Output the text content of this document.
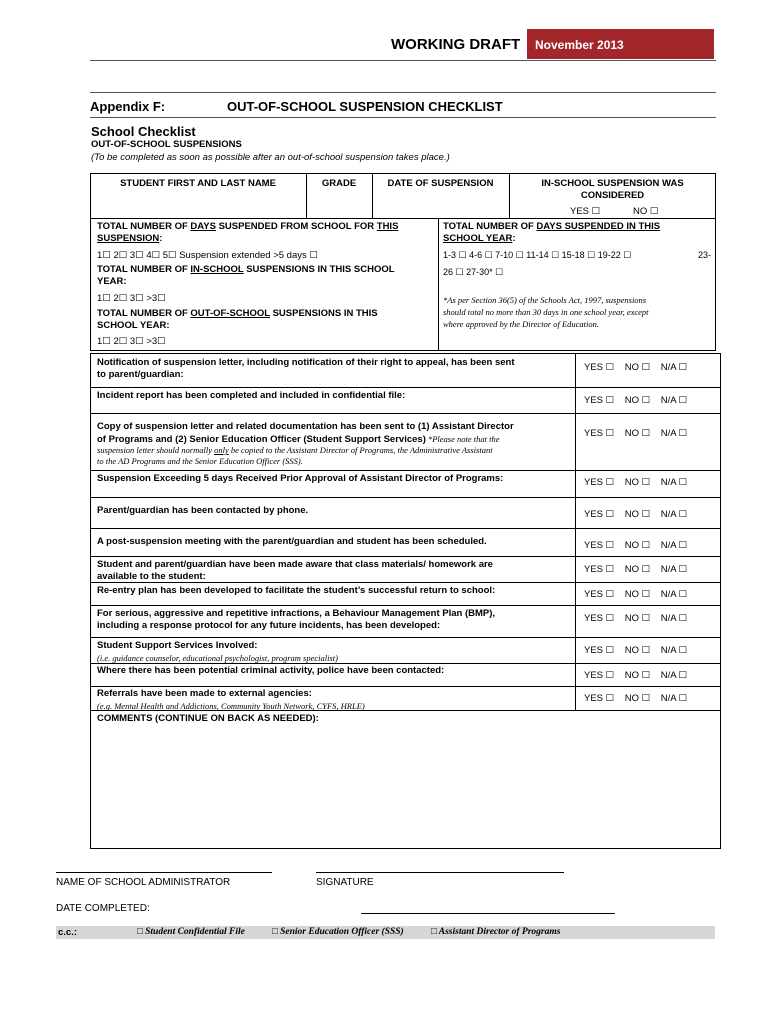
WORKING DRAFT	November 2013
Appendix F:	OUT-OF-SCHOOL SUSPENSION CHECKLIST
School Checklist
OUT-OF-SCHOOL SUSPENSIONS
(To be completed as soon as possible after an out-of-school suspension takes place.)
STUDENT FIRST AND LAST NAME	GRADE	DATE OF SUSPENSION	IN-SCHOOL SUSPENSION WAS
CONSIDERED
YES ☐	NO ☐
TOTAL NUMBER OF DAYS SUSPENDED FROM SCHOOL FOR THIS
SUSPENSION:
1☐ 2☐ 3☐ 4☐ 5☐ Suspension extended >5 days ☐
TOTAL NUMBER OF IN-SCHOOL SUSPENSIONS IN THIS SCHOOL
YEAR:
1☐ 2☐ 3☐ >3☐
TOTAL NUMBER OF OUT-OF-SCHOOL SUSPENSIONS IN THIS
SCHOOL YEAR:
1☐ 2☐ 3☐ >3☐
TOTAL NUMBER OF DAYS SUSPENDED IN THIS
SCHOOL YEAR:
1-3 ☐ 4-6 ☐ 7-10 ☐ 11-14 ☐ 15-18 ☐ 19-22 ☐	23-
26 ☐ 27-30* ☐
*As per Section 36(5) of the Schools Act, 1997, suspensions
should total no more than 30 days in one school year, except
where approved by the Director of Education.
Notification of suspension letter, including notification of their right to appeal, has been sent
to parent/guardian:
YES ☐ NO ☐ N/A ☐
Incident report has been completed and included in confidential file:	YES ☐ NO ☐ N/A ☐
Copy of suspension letter and related documentation has been sent to (1) Assistant Director
of Programs and (2) Senior Education Officer (Student Support Services) *Please note that the
suspension letter should normally only be copied to the Assistant Director of Programs, the Administrative Assistant
to the AD Programs and the Senior Education Officer (SSS).
YES ☐ NO ☐ N/A ☐
Suspension Exceeding 5 days Received Prior Approval of Assistant Director of Programs:	YES ☐ NO ☐ N/A ☐
Parent/guardian has been contacted by phone.	YES ☐ NO ☐ N/A ☐
A post-suspension meeting with the parent/guardian and student has been scheduled.	YES ☐ NO ☐ N/A ☐
Student and parent/guardian have been made aware that class materials/ homework are
available to the student:
YES ☐ NO ☐ N/A ☐
Re-entry plan has been developed to facilitate the student’s successful return to school:	YES ☐ NO ☐ N/A ☐
For serious, aggressive and repetitive infractions, a Behaviour Management Plan (BMP),
including a response protocol for any future incidents, has been developed:
YES ☐ NO ☐ N/A ☐
Student Support Services Involved:
(i.e. guidance counselor, educational psychologist, program specialist)
YES ☐ NO ☐ N/A ☐
Where there has been potential criminal activity, police have been contacted:	YES ☐ NO ☐ N/A ☐
Referrals have been made to external agencies:
(e.g. Mental Health and Addictions, Community Youth Network, CYFS, HRLE)
YES ☐ NO ☐ N/A ☐
COMMENTS (CONTINUE ON BACK AS NEEDED):
NAME OF SCHOOL ADMINISTRATOR	SIGNATURE
DATE COMPLETED:
c.c.:	□ Student Confidential File	□ Senior Education Officer (SSS)	□ Assistant Director of Programs
